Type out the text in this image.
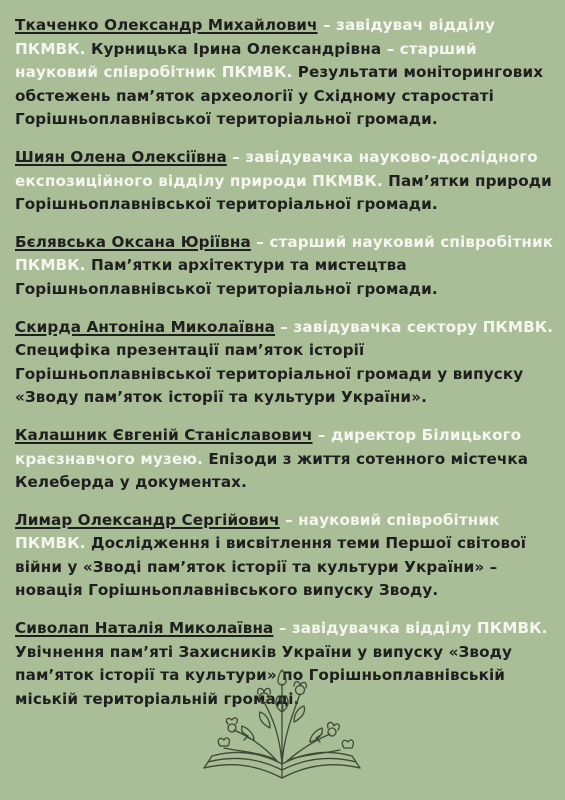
Ткаченко Олександр Михайлович – завідувач відділу ПКМВК. Курницька Ірина Олександрівна – старший науковий співробітник ПКМВК. Результати моніторингових обстежень пам’яток археології у Східному старостаті Горішньоплавнівської територіальної громади.

Шиян Олена Олексіївна – завідувачка науково-дослідного експозиційного відділу природи ПКМВК. Пам’ятки природи Горішньоплавнівської територіальної громади.

Бєлявська Оксана Юріївна – старший науковий співробітник ПКМВК. Пам’ятки архітектури та мистецтва Горішньоплавнівської територіальної громади.

Скирда Антоніна Миколаївна – завідувачка сектору ПКМВК. Специфіка презентації пам’яток історії Горішньоплавнівської територіальної громади у випуску «Зводу пам’яток історії та культури України».

Калашник Євгеній Станіславович – директор Білицького краєзнавчого музею. Епізоди з життя сотенного містечка Келеберда у документах.

Лимар Олександр Сергійович – науковий співробітник ПКМВК. Дослідження і висвітлення теми Першої світової війни у «Зводі пам’яток історії та культури України» – новація Горішньоплавнівського випуску Зводу.

Сиволап Наталія Миколаївна – завідувачка відділу ПКМВК. Увічнення пам’яті Захисників України у випуску «Зводу пам’яток історії та культури» по Горішньоплавнівській міській територіальній громаді.
